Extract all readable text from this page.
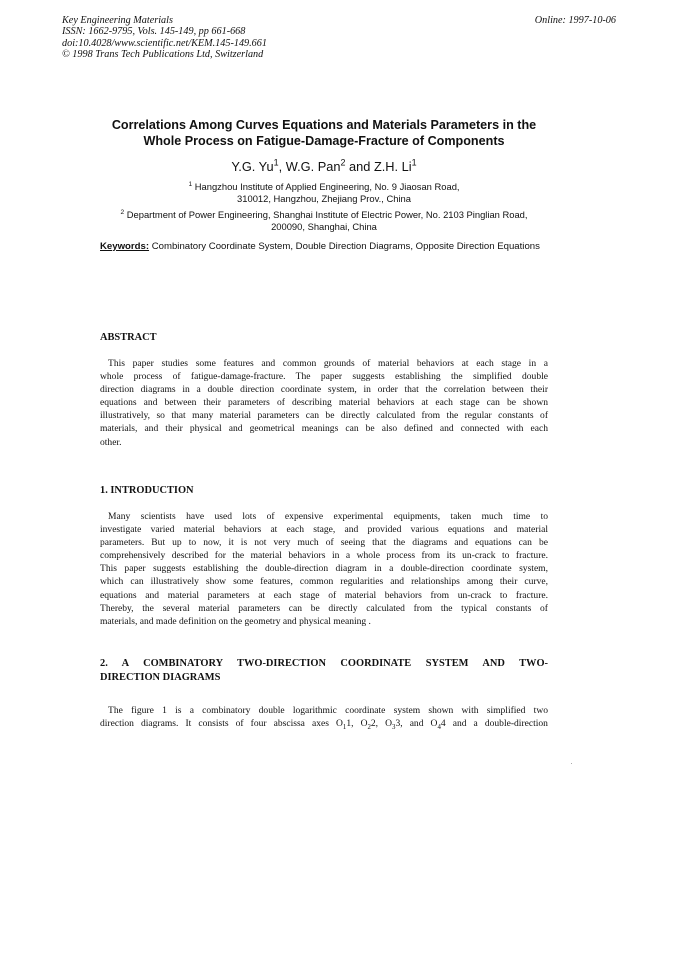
Key Engineering Materials
ISSN: 1662-9795, Vols. 145-149, pp 661-668
doi:10.4028/www.scientific.net/KEM.145-149.661
© 1998 Trans Tech Publications Ltd, Switzerland
Online: 1997-10-06
Correlations Among Curves Equations and Materials Parameters in the
Whole Process on Fatigue-Damage-Fracture of Components
Y.G. Yu$^1$, W.G. Pan$^2$ and Z.H. Li$^1$
$^1$ Hangzhou Institute of Applied Engineering, No. 9 Jiaosan Road,
310012, Hangzhou, Zhejiang Prov., China
$^2$ Department of Power Engineering, Shanghai Institute of Electric Power, No. 2103 Pinglian Road,
200090, Shanghai, China
Keywords: Combinatory Coordinate System, Double Direction Diagrams, Opposite Direction Equations
ABSTRACT
This paper studies some features and common grounds of material behaviors at each stage in a
whole process of fatigue-damage-fracture. The paper suggests establishing the simplified double
direction diagrams in a double direction coordinate system, in order that the correlation between their
equations and between their parameters of describing material behaviors at each stage can be shown
illustratively, so that many material parameters can be directly calculated from the regular constants of
materials, and their physical and geometrical meanings can be also defined and connected with each
other.
1. INTRODUCTION
Many scientists have used lots of expensive experimental equipments, taken much time to
investigate varied material behaviors at each stage, and provided various equations and material
parameters. But up to now, it is not very much of seeing that the diagrams and equations can be
comprehensively described for the material behaviors in a whole process from its un-crack to fracture.
This paper suggests establishing the double-direction diagram in a double-direction coordinate system,
which can illustratively show some features, common regularities and relationships among their curve,
equations and material parameters at each stage of material behaviors from un-crack to fracture.
Thereby, the several material parameters can be directly calculated from the typical constants of
materials, and made definition on the geometry and physical meaning .
2. A COMBINATORY TWO-DIRECTION COORDINATE SYSTEM AND TWO-
DIRECTION DIAGRAMS
The figure 1 is a combinatory double logarithmic coordinate system shown with simplified two
direction diagrams. It consists of four abscissa axes $O_11$, $O_22$, $O_33$, and $O_44$ and a double-direction
